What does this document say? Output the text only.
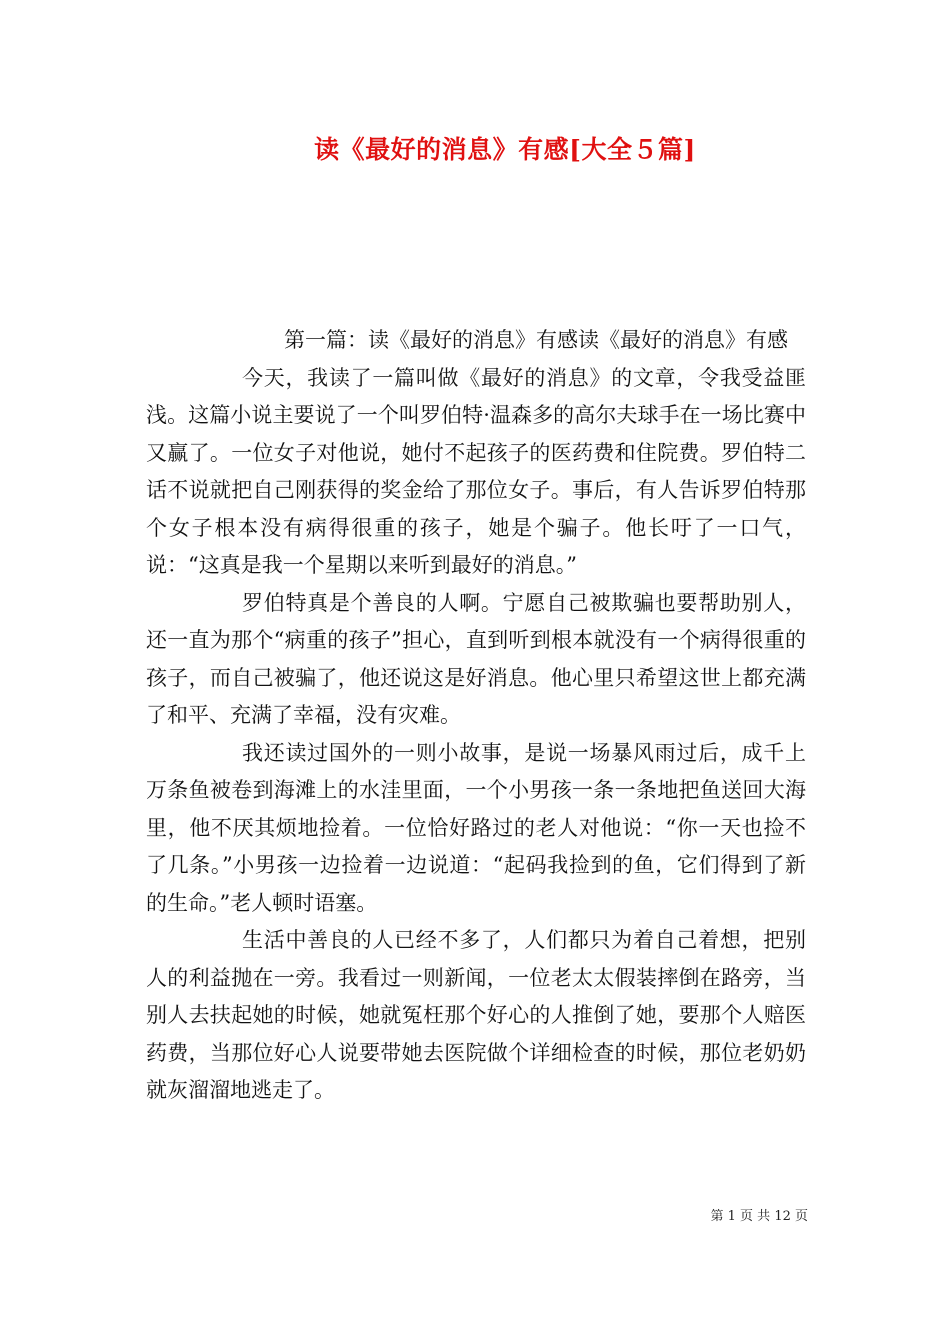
读《最好的消息》有感[大全５篇]

第一篇：读《最好的消息》有感读《最好的消息》有感

今天，我读了一篇叫做《最好的消息》的文章，令我受益匪浅。这篇小说主要说了一个叫罗伯特·温森多的高尔夫球手在一场比赛中又赢了。一位女子对他说，她付不起孩子的医药费和住院费。罗伯特二话不说就把自己刚获得的奖金给了那位女子。事后，有人告诉罗伯特那个女子根本没有病得很重的孩子，她是个骗子。他长吁了一口气，说：“这真是我一个星期以来听到最好的消息。”

罗伯特真是个善良的人啊。宁愿自己被欺骗也要帮助别人，还一直为那个“病重的孩子”担心，直到听到根本就没有一个病得很重的孩子，而自己被骗了，他还说这是好消息。他心里只希望这世上都充满了和平、充满了幸福，没有灾难。

我还读过国外的一则小故事，是说一场暴风雨过后，成千上万条鱼被卷到海滩上的水洼里面，一个小男孩一条一条地把鱼送回大海里，他不厌其烦地捡着。一位恰好路过的老人对他说：“你一天也捡不了几条。”小男孩一边捡着一边说道：“起码我捡到的鱼，它们得到了新的生命。”老人顿时语塞。

生活中善良的人已经不多了，人们都只为着自己着想，把别人的利益抛在一旁。我看过一则新闻，一位老太太假装摔倒在路旁，当别人去扶起她的时候，她就冤枉那个好心的人推倒了她，要那个人赔医药费，当那位好心人说要带她去医院做个详细检查的时候，那位老奶奶就灰溜溜地逃走了。

第 1 页 共 12 页
